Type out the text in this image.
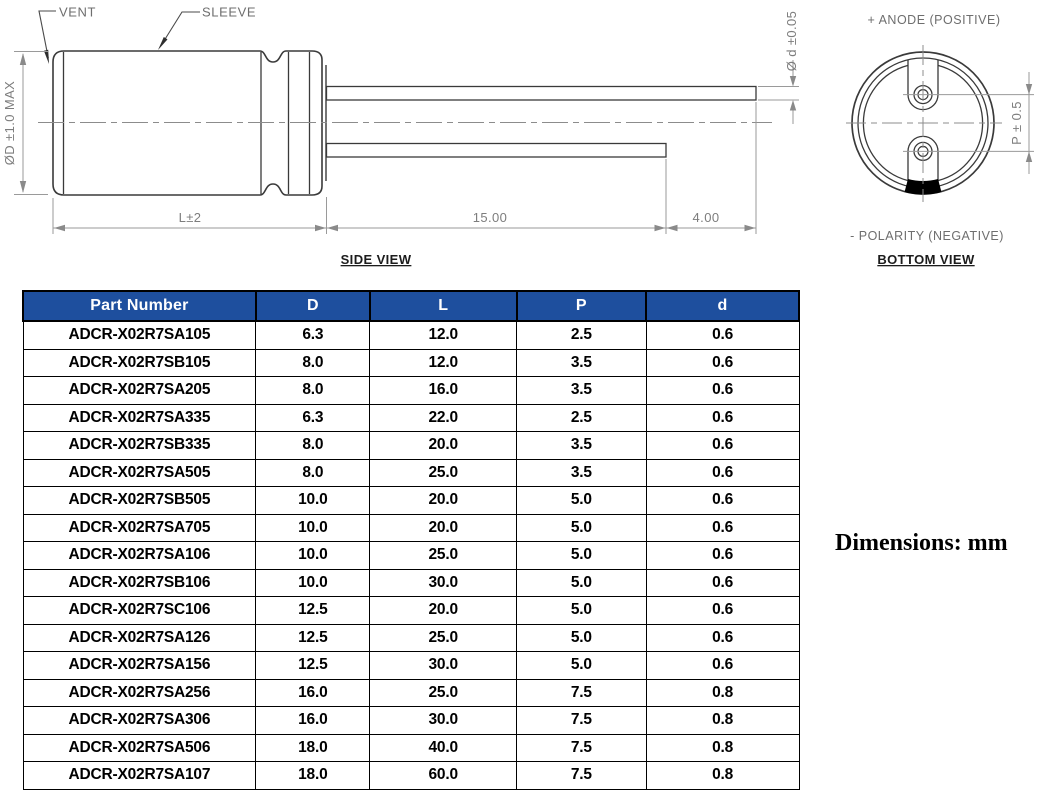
VENT	SLEEVE
ØD ±1.0 MAX
L±2	15.00	4.00
Ø d ±0.05
SIDE VIEW
P ± 0.5
+ ANODE (POSITIVE)
- POLARITY (NEGATIVE)
BOTTOM VIEW
Part Number	D	L	P	d
ADCR-X02R7SA105	6.3	12.0	2.5	0.6
ADCR-X02R7SB105	8.0	12.0	3.5	0.6
ADCR-X02R7SA205	8.0	16.0	3.5	0.6
ADCR-X02R7SA335	6.3	22.0	2.5	0.6
ADCR-X02R7SB335	8.0	20.0	3.5	0.6
ADCR-X02R7SA505	8.0	25.0	3.5	0.6
ADCR-X02R7SB505	10.0	20.0	5.0	0.6
ADCR-X02R7SA705	10.0	20.0	5.0	0.6
ADCR-X02R7SA106	10.0	25.0	5.0	0.6
ADCR-X02R7SB106	10.0	30.0	5.0	0.6
ADCR-X02R7SC106	12.5	20.0	5.0	0.6
ADCR-X02R7SA126	12.5	25.0	5.0	0.6
ADCR-X02R7SA156	12.5	30.0	5.0	0.6
ADCR-X02R7SA256	16.0	25.0	7.5	0.8
ADCR-X02R7SA306	16.0	30.0	7.5	0.8
ADCR-X02R7SA506	18.0	40.0	7.5	0.8
ADCR-X02R7SA107	18.0	60.0	7.5	0.8
Dimensions: mm
